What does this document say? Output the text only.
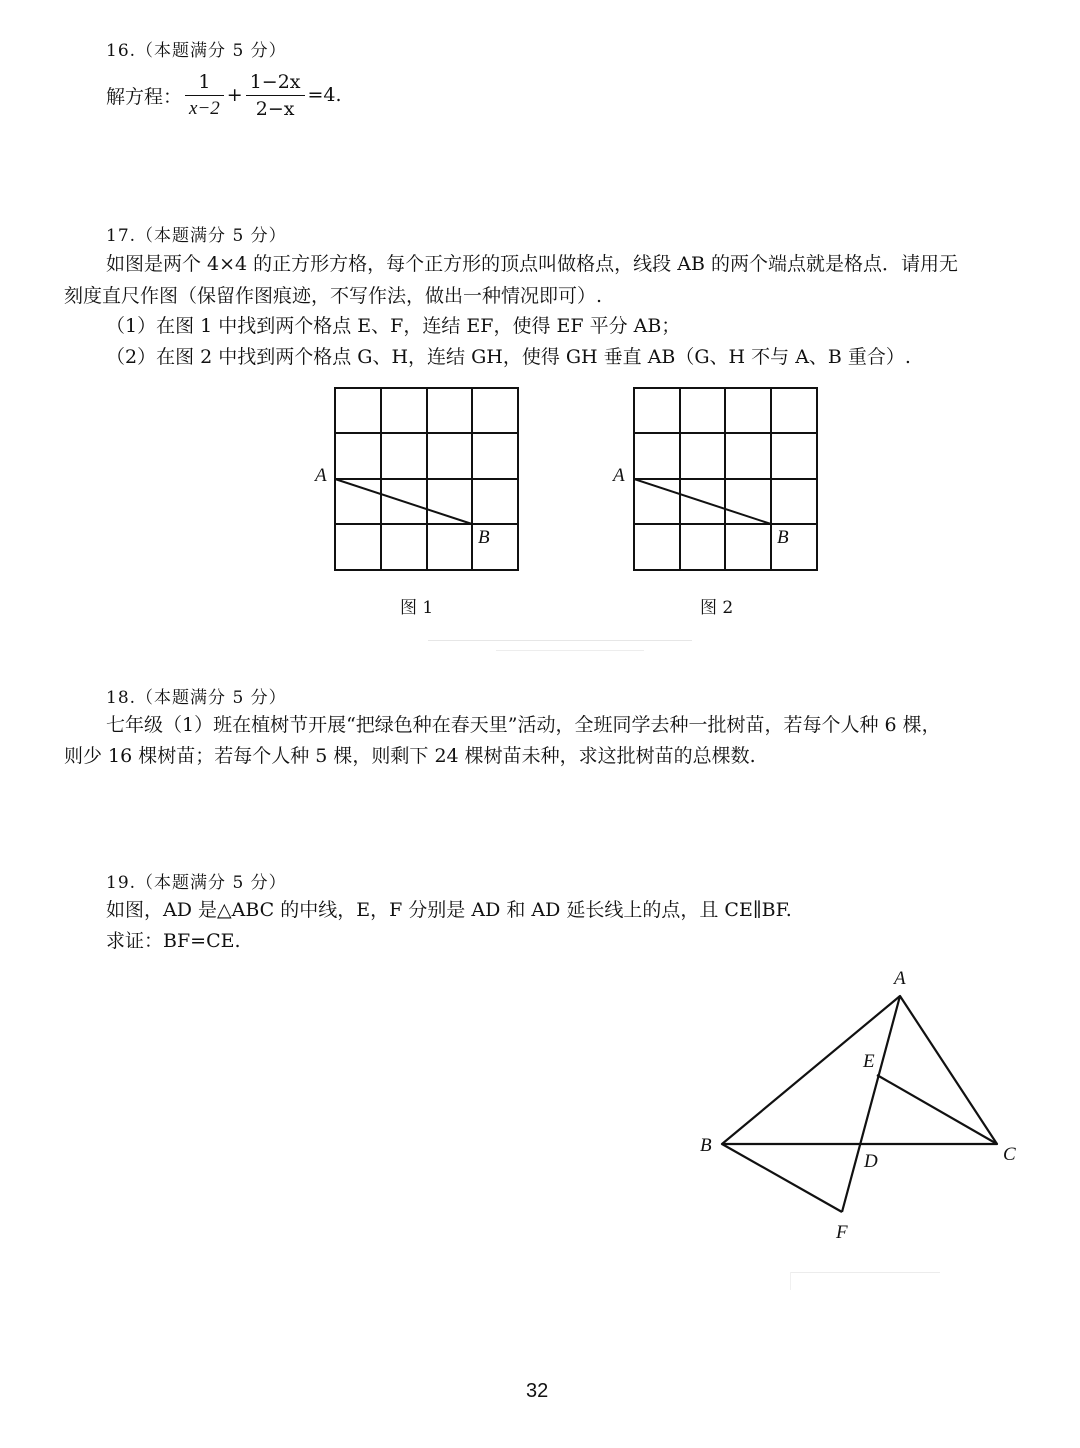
16.（本题满分 5 分）
解方程： $\frac{1}{x-2} + \frac{1-2x}{2-x} =4$.
17.（本题满分 5 分）
如图是两个 4×4 的正方形方格，每个正方形的顶点叫做格点，线段 AB 的两个端点就是格点．请用无
刻度直尺作图（保留作图痕迹，不写作法，做出一种情况即可）.
（1）在图 1 中找到两个格点 E、F，连结 EF，使得 EF 平分 AB；
（2）在图 2 中找到两个格点 G、H，连结 GH，使得 GH 垂直 AB（G、H 不与 A、B 重合）.
A
B
图 1
A
B
图 2
18.（本题满分 5 分）
七年级（1）班在植树节开展“把绿色种在春天里”活动，全班同学去种一批树苗，若每个人种 6 棵，
则少 16 棵树苗；若每个人种 5 棵，则剩下 24 棵树苗未种，求这批树苗的总棵数.
19.（本题满分 5 分）
如图，AD 是△ABC 的中线，E，F 分别是 AD 和 AD 延长线上的点，且 CE∥BF.
求证：BF=CE.
A
B	C
D
E
F
32
